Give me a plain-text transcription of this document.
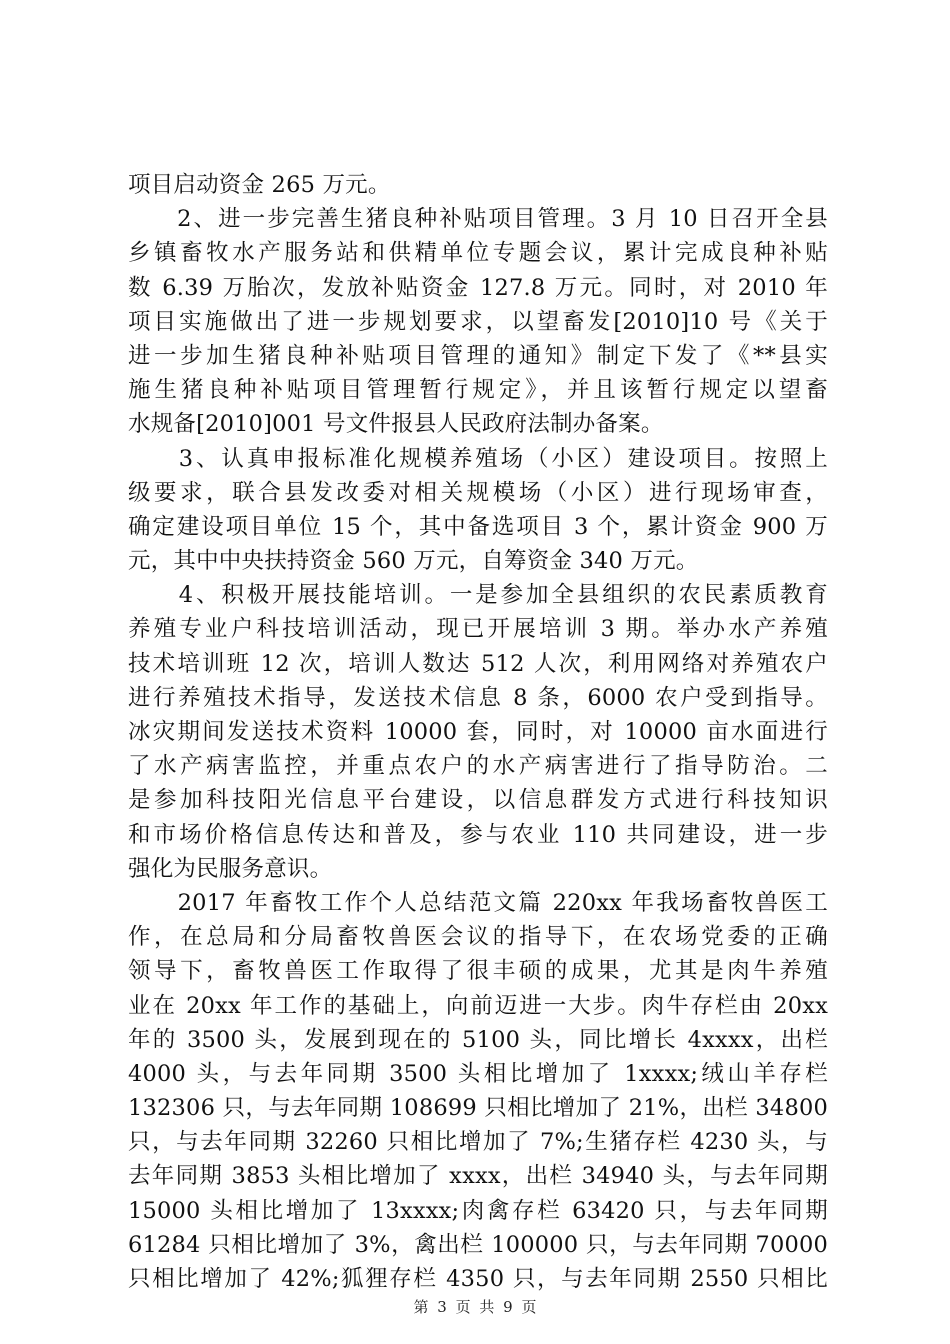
项目启动资金 265 万元。
　　2、进一步完善生猪良种补贴项目管理。3 月 10 日召开全县
乡镇畜牧水产服务站和供精单位专题会议，累计完成良种补贴
数 6.39 万胎次，发放补贴资金 127.8 万元。同时，对 2010 年
项目实施做出了进一步规划要求，以望畜发[2010]10 号《关于
进一步加生猪良种补贴项目管理的通知》制定下发了《**县实
施生猪良种补贴项目管理暂行规定》，并且该暂行规定以望畜
水规备[2010]001 号文件报县人民政府法制办备案。
　　3、认真申报标准化规模养殖场（小区）建设项目。按照上
级要求，联合县发改委对相关规模场（小区）进行现场审查，
确定建设项目单位 15 个，其中备选项目 3 个，累计资金 900 万
元，其中中央扶持资金 560 万元，自筹资金 340 万元。
　　4、积极开展技能培训。一是参加全县组织的农民素质教育
养殖专业户科技培训活动，现已开展培训 3 期。举办水产养殖
技术培训班 12 次，培训人数达 512 人次，利用网络对养殖农户
进行养殖技术指导，发送技术信息 8 条，6000 农户受到指导。
冰灾期间发送技术资料 10000 套，同时，对 10000 亩水面进行
了水产病害监控，并重点农户的水产病害进行了指导防治。二
是参加科技阳光信息平台建设，以信息群发方式进行科技知识
和市场价格信息传达和普及，参与农业 110 共同建设，进一步
强化为民服务意识。
　　2017 年畜牧工作个人总结范文篇 220xx 年我场畜牧兽医工
作，在总局和分局畜牧兽医会议的指导下，在农场党委的正确
领导下，畜牧兽医工作取得了很丰硕的成果，尤其是肉牛养殖
业在 20xx 年工作的基础上，向前迈进一大步。肉牛存栏由 20xx
年的 3500 头，发展到现在的 5100 头，同比增长 4xxxx，出栏
4000 头，与去年同期 3500 头相比增加了 1xxxx;绒山羊存栏
132306 只，与去年同期 108699 只相比增加了 21%，出栏 34800
只，与去年同期 32260 只相比增加了 7%;生猪存栏 4230 头，与
去年同期 3853 头相比增加了 xxxx，出栏 34940 头，与去年同期
15000 头相比增加了 13xxxx;肉禽存栏 63420 只，与去年同期
61284 只相比增加了 3%，禽出栏 100000 只，与去年同期 70000
只相比增加了 42%;狐狸存栏 4350 只，与去年同期 2550 只相比
第 3 页 共 9 页
